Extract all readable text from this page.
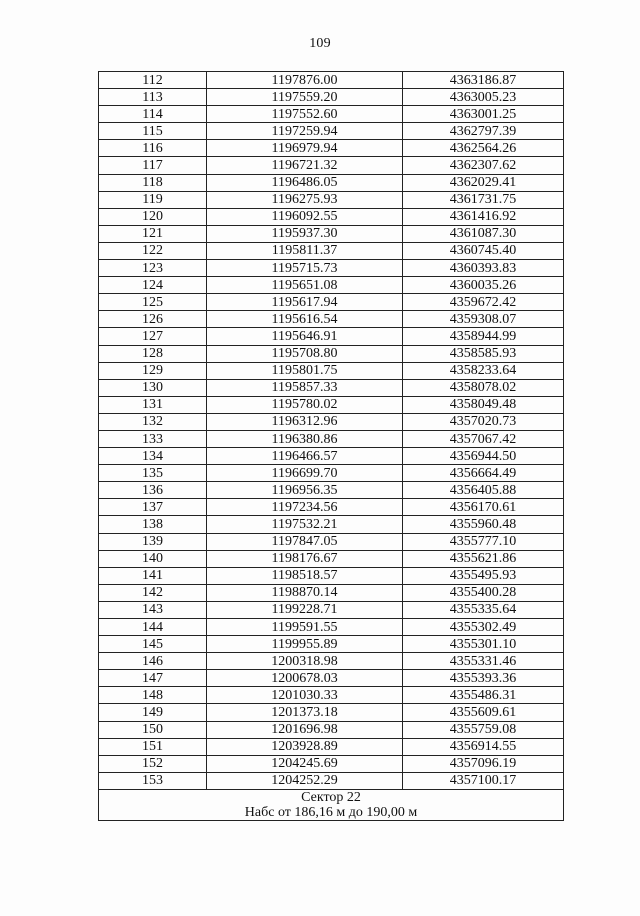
109
112	1197876.00	4363186.87
113	1197559.20	4363005.23
114	1197552.60	4363001.25
115	1197259.94	4362797.39
116	1196979.94	4362564.26
117	1196721.32	4362307.62
118	1196486.05	4362029.41
119	1196275.93	4361731.75
120	1196092.55	4361416.92
121	1195937.30	4361087.30
122	1195811.37	4360745.40
123	1195715.73	4360393.83
124	1195651.08	4360035.26
125	1195617.94	4359672.42
126	1195616.54	4359308.07
127	1195646.91	4358944.99
128	1195708.80	4358585.93
129	1195801.75	4358233.64
130	1195857.33	4358078.02
131	1195780.02	4358049.48
132	1196312.96	4357020.73
133	1196380.86	4357067.42
134	1196466.57	4356944.50
135	1196699.70	4356664.49
136	1196956.35	4356405.88
137	1197234.56	4356170.61
138	1197532.21	4355960.48
139	1197847.05	4355777.10
140	1198176.67	4355621.86
141	1198518.57	4355495.93
142	1198870.14	4355400.28
143	1199228.71	4355335.64
144	1199591.55	4355302.49
145	1199955.89	4355301.10
146	1200318.98	4355331.46
147	1200678.03	4355393.36
148	1201030.33	4355486.31
149	1201373.18	4355609.61
150	1201696.98	4355759.08
151	1203928.89	4356914.55
152	1204245.69	4357096.19
153	1204252.29	4357100.17

Сектор 22
Набс от 186,16 м до 190,00 м		
